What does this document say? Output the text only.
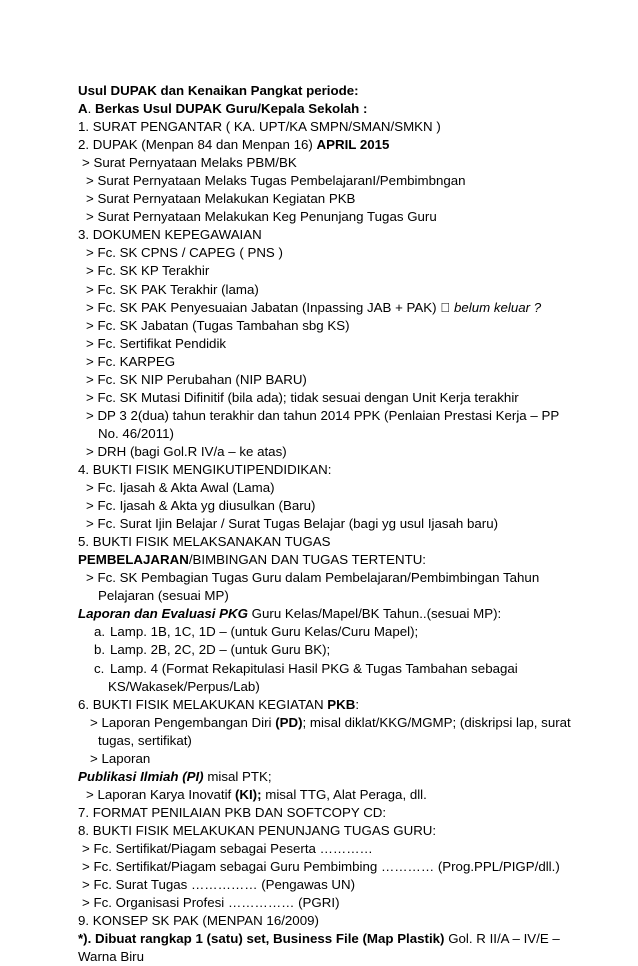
Usul DUPAK dan Kenaikan Pangkat periode:
A. Berkas Usul DUPAK Guru/Kepala Sekolah :
1. SURAT PENGANTAR ( KA. UPT/KA SMPN/SMAN/SMKN )
2. DUPAK (Menpan 84 dan Menpan 16) APRIL 2015
> Surat Pernyataan Melaks PBM/BK
> Surat Pernyataan Melaks Tugas PembelajaranI/Pembimbngan
> Surat Pernyataan Melakukan Kegiatan PKB
> Surat Pernyataan Melakukan Keg Penunjang Tugas Guru
3. DOKUMEN KEPEGAWAIAN
> Fc. SK CPNS / CAPEG ( PNS )
> Fc. SK KP Terakhir
> Fc. SK PAK Terakhir (lama)
> Fc. SK PAK Penyesuaian Jabatan (Inpassing JAB + PAK) belum keluar ?
> Fc. SK Jabatan (Tugas Tambahan sbg KS)
> Fc. Sertifikat Pendidik
> Fc. KARPEG
> Fc. SK NIP Perubahan (NIP BARU)
> Fc. SK Mutasi Difinitif (bila ada); tidak sesuai dengan Unit Kerja terakhir
> DP 3 2(dua) tahun terakhir dan tahun 2014 PPK (Penlaian Prestasi Kerja – PP
No. 46/2011)
> DRH (bagi Gol.R IV/a – ke atas)
4. BUKTI FISIK MENGIKUTIPENDIDIKAN:
> Fc. Ijasah & Akta Awal (Lama)
> Fc. Ijasah & Akta yg diusulkan (Baru)
> Fc. Surat Ijin Belajar / Surat Tugas Belajar (bagi yg usul Ijasah baru)
5. BUKTI FISIK MELAKSANAKAN TUGAS
PEMBELAJARAN/BIMBINGAN DAN TUGAS TERTENTU:
> Fc. SK Pembagian Tugas Guru dalam Pembelajaran/Pembimbingan Tahun
Pelajaran (sesuai MP)
Laporan dan Evaluasi PKG Guru Kelas/Mapel/BK Tahun..(sesuai MP):
a. Lamp. 1B, 1C, 1D – (untuk Guru Kelas/Curu Mapel);
b. Lamp. 2B, 2C, 2D – (untuk Guru BK);
c. Lamp. 4 (Format Rekapitulasi Hasil PKG & Tugas Tambahan sebagai
KS/Wakasek/Perpus/Lab)
6. BUKTI FISIK MELAKUKAN KEGIATAN PKB:
> Laporan Pengembangan Diri (PD); misal diklat/KKG/MGMP; (diskripsi lap, surat
tugas, sertifikat)
> Laporan
Publikasi Ilmiah (PI) misal PTK;
> Laporan Karya Inovatif (KI); misal TTG, Alat Peraga, dll.
7. FORMAT PENILAIAN PKB DAN SOFTCOPY CD:
8. BUKTI FISIK MELAKUKAN PENUNJANG TUGAS GURU:
> Fc. Sertifikat/Piagam sebagai Peserta …………
> Fc. Sertifikat/Piagam sebagai Guru Pembimbing ………… (Prog.PPL/PIGP/dll.)
> Fc. Surat Tugas …………… (Pengawas UN)
> Fc. Organisasi Profesi …………… (PGRI)
9. KONSEP SK PAK (MENPAN 16/2009)
*). Dibuat rangkap 1 (satu) set, Business File (Map Plastik) Gol. R II/A – IV/E –
Warna Biru
